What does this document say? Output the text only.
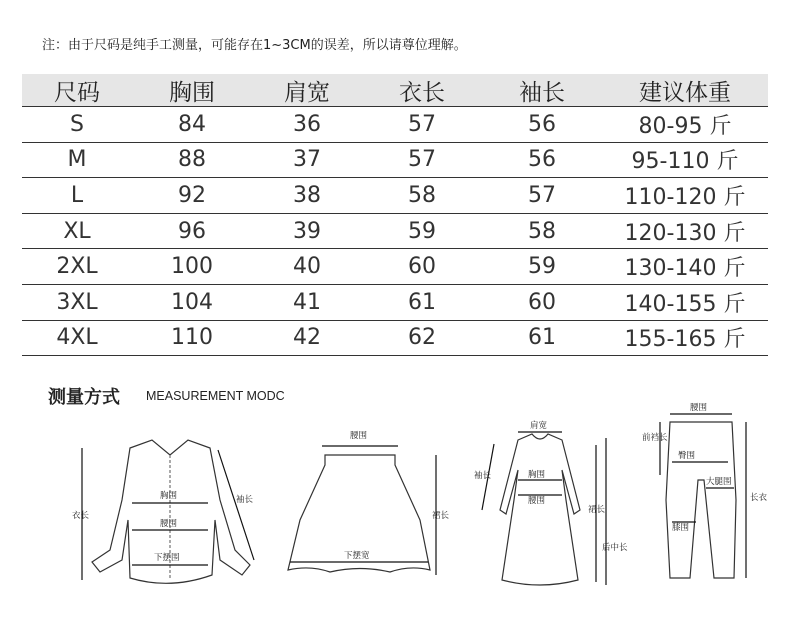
注：由于尺码是纯手工测量，可能存在1~3CM的误差，所以请尊位理解。
尺码	胸围	肩宽	衣长	袖长	建议体重
S	84	36	57	56	80-95 斤
M	88	37	57	56	95-110 斤
L	92	38	58	57	110-120 斤
XL	96	39	59	58	120-130 斤
2XL	100	40	60	59	130-140 斤
3XL	104	41	61	60	140-155 斤
4XL	110	42	62	61	155-165 斤
测量方式 MEASUREMENT MODC
胸围
腰围
下摆围
衣长
袖长
腰围
下摆宽
裙长
肩宽
胸围
腰围
袖长
裙长
后中长
腰围
前裆长
臀围
大腿围
膝围
长衣
